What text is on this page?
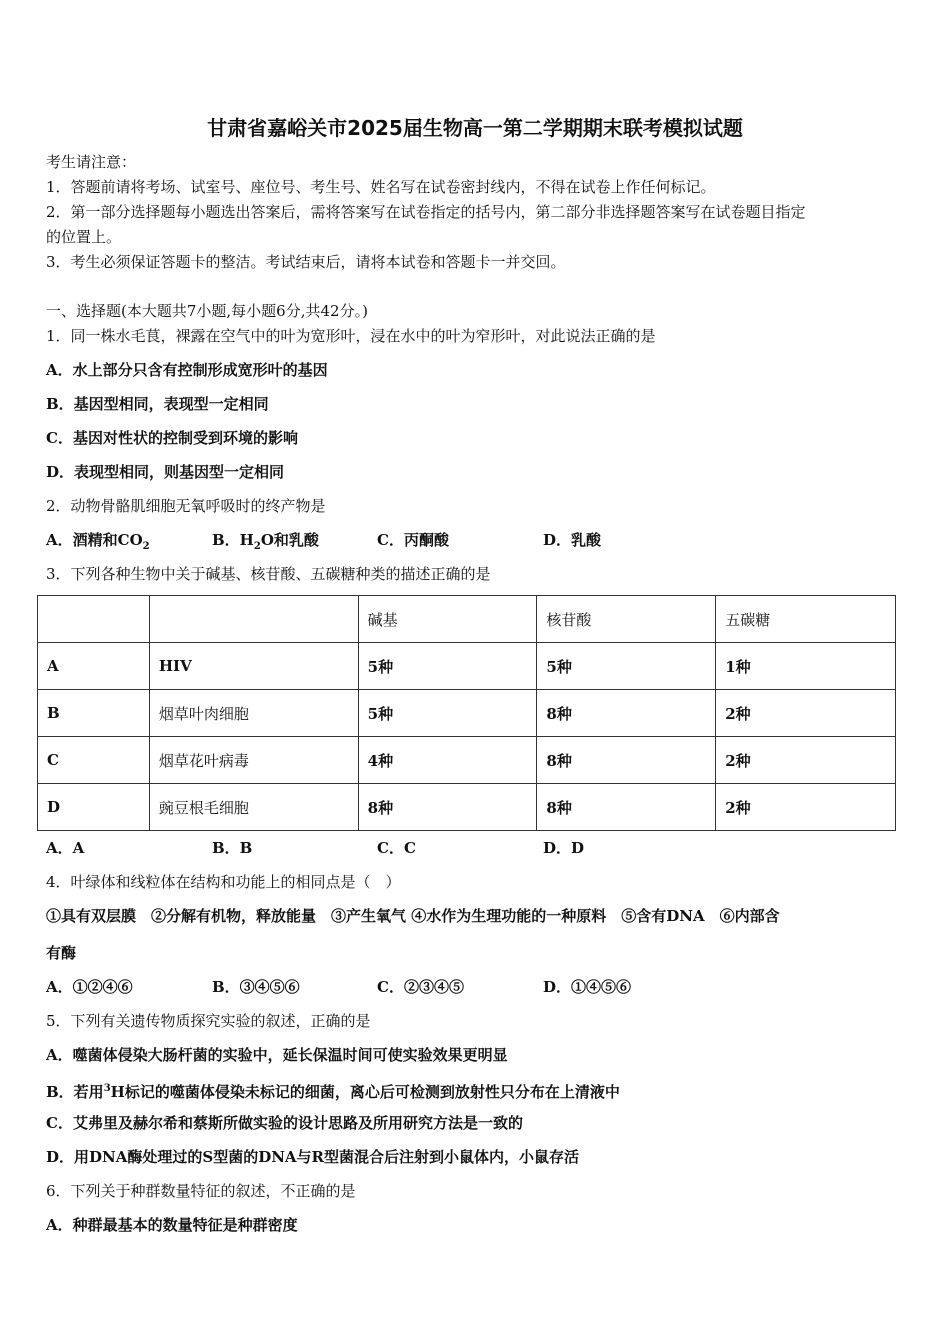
甘肃省嘉峪关市2025届生物高一第二学期期末联考模拟试题
考生请注意：
1．答题前请将考场、试室号、座位号、考生号、姓名写在试卷密封线内，不得在试卷上作任何标记。
2．第一部分选择题每小题选出答案后，需将答案写在试卷指定的括号内，第二部分非选择题答案写在试卷题目指定
的位置上。
3．考生必须保证答题卡的整洁。考试结束后，请将本试卷和答题卡一并交回。
一、选择题(本大题共7小题,每小题6分,共42分。)
1．同一株水毛茛，裸露在空气中的叶为宽形叶，浸在水中的叶为窄形叶，对此说法正确的是
A．水上部分只含有控制形成宽形叶的基因
B．基因型相同，表现型一定相同
C．基因对性状的控制受到环境的影响
D．表现型相同，则基因型一定相同
2．动物骨骼肌细胞无氧呼吸时的终产物是
A．酒精和$CO_2$	B．$H_2O$和乳酸	C．丙酮酸	D．乳酸
3．下列各种生物中关于碱基、核苷酸、五碳糖种类的描述正确的是
		碱基	核苷酸	五碳糖
A	HIV	5种	5种	1种
B	烟草叶肉细胞	5种	8种	2种
C	烟草花叶病毒	4种	8种	2种
D	豌豆根毛细胞	8种	8种	2种
A．A	B．B	C．C	D．D
4．叶绿体和线粒体在结构和功能上的相同点是（　）
①具有双层膜　②分解有机物，释放能量　③产生氧气 ④水作为生理功能的一种原料　⑤含有DNA　⑥内部含
有酶
A．①②④⑥	B．③④⑤⑥	C．②③④⑤	D．①④⑤⑥
5．下列有关遗传物质探究实验的叙述，正确的是
A．噬菌体侵染大肠杆菌的实验中，延长保温时间可使实验效果更明显
B．若用$^3$H标记的噬菌体侵染未标记的细菌，离心后可检测到放射性只分布在上清液中
C．艾弗里及赫尔希和蔡斯所做实验的设计思路及所用研究方法是一致的
D．用DNA酶处理过的S型菌的DNA与R型菌混合后注射到小鼠体内，小鼠存活
6．下列关于种群数量特征的叙述，不正确的是
A．种群最基本的数量特征是种群密度
